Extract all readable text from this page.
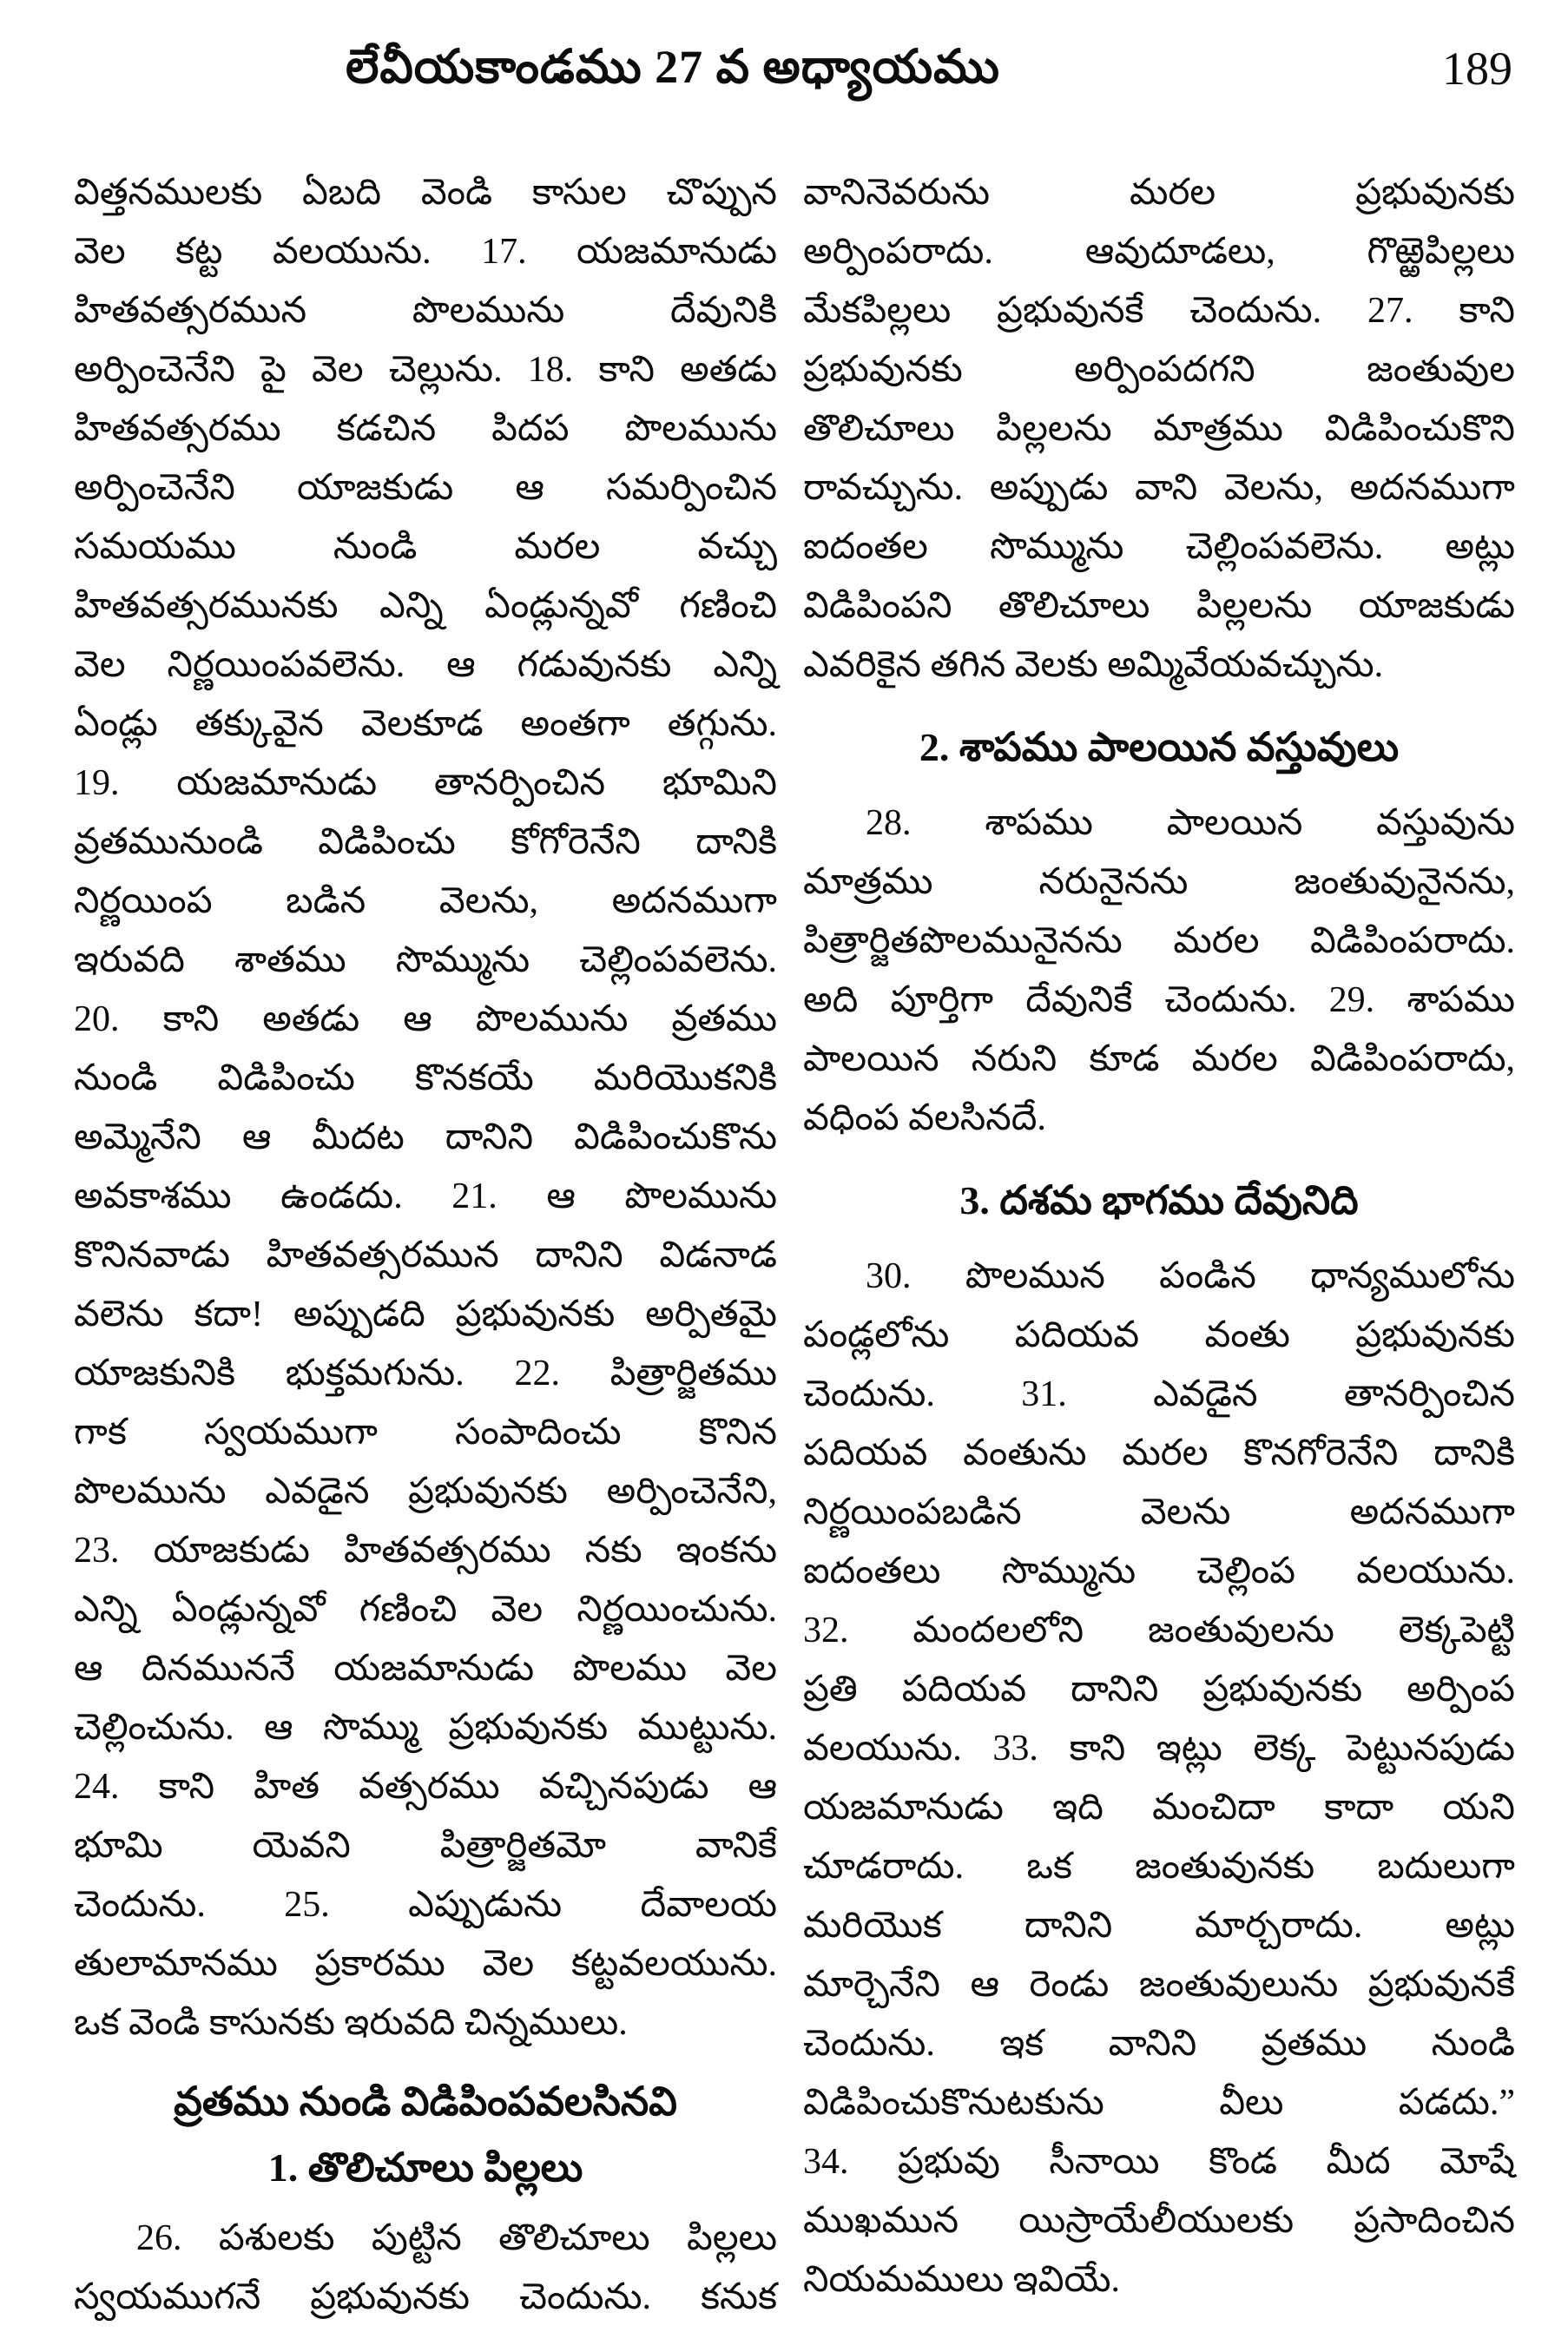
లేవీయకాండము 27 వ అధ్యాయము	189
విత్తనములకు ఏబది వెండి కాసుల చొప్పున
వెల కట్ట వలయును. 17. యజమానుడు
హితవత్సరమున పొలమును దేవునికి
అర్పించెనేని పై వెల చెల్లును. 18. కాని అతడు
హితవత్సరము కడచిన పిదప పొలమును
అర్పించెనేని యాజకుడు ఆ సమర్పించిన
సమయము నుండి మరల వచ్చు
హితవత్సరమునకు ఎన్ని ఏండ్లున్నవో గణించి
వెల నిర్ణయింపవలెను. ఆ గడువునకు ఎన్ని
ఏండ్లు తక్కువైన వెలకూడ అంతగా తగ్గును.
19. యజమానుడు తానర్పించిన భూమిని
వ్రతమునుండి విడిపించు కోగోరెనేని దానికి
నిర్ణయింప బడిన వెలను, అదనముగా
ఇరువది శాతము సొమ్మును చెల్లింపవలెను.
20. కాని అతడు ఆ పొలమును వ్రతము
నుండి విడిపించు కొనకయే మరియొకనికి
అమ్మెనేని ఆ మీదట దానిని విడిపించుకొను
అవకాశము ఉండదు. 21. ఆ పొలమును
కొనినవాడు హితవత్సరమున దానిని విడనాడ
వలెను కదా! అప్పుడది ప్రభువునకు అర్పితమై
యాజకునికి భుక్తమగును. 22. పిత్రార్జితము
గాక స్వయముగా సంపాదించు కొనిన
పొలమును ఎవడైన ప్రభువునకు అర్పించెనేని,
23. యాజకుడు హితవత్సరము నకు ఇంకను
ఎన్ని ఏండ్లున్నవో గణించి వెల నిర్ణయించును.
ఆ దినముననే యజమానుడు పొలము వెల
చెల్లించును. ఆ సొమ్ము ప్రభువునకు ముట్టును.
24. కాని హిత వత్సరము వచ్చినపుడు ఆ
భూమి యెవని పిత్రార్జితమో వానికే
చెందును. 25. ఎప్పుడును దేవాలయ
తులామానము ప్రకారము వెల కట్టవలయును.
ఒక వెండి కాసునకు ఇరువది చిన్నములు.
వ్రతము నుండి విడిపింపవలసినవి
1. తొలిచూలు పిల్లలు
26. పశులకు పుట్టిన తొలిచూలు పిల్లలు
స్వయముగనే ప్రభువునకు చెందును. కనుక
వానినెవరును మరల ప్రభువునకు
అర్పింపరాదు. ఆవుదూడలు, గొఱ్ఱెపిల్లలు
మేకపిల్లలు ప్రభువునకే చెందును. 27. కాని
ప్రభువునకు అర్పింపదగని జంతువుల
తొలిచూలు పిల్లలను మాత్రము విడిపించుకొని
రావచ్చును. అప్పుడు వాని వెలను, అదనముగా
ఐదంతల సొమ్మును చెల్లింపవలెను. అట్లు
విడిపింపని తొలిచూలు పిల్లలను యాజకుడు
ఎవరికైన తగిన వెలకు అమ్మివేయవచ్చును.
2. శాపము పాలయిన వస్తువులు
28. శాపము పాలయిన వస్తువును
మాత్రము నరునైనను జంతువునైనను,
పిత్రార్జితపొలమునైనను మరల విడిపింపరాదు.
అది పూర్తిగా దేవునికే చెందును. 29. శాపము
పాలయిన నరుని కూడ మరల విడిపింపరాదు,
వధింప వలసినదే.
3. దశమ భాగము దేవునిది
30. పొలమున పండిన ధాన్యములోను
పండ్లలోను పదియవ వంతు ప్రభువునకు
చెందును. 31. ఎవడైన తానర్పించిన
పదియవ వంతును మరల కొనగోరెనేని దానికి
నిర్ణయింపబడిన వెలను అదనముగా
ఐదంతలు సొమ్మును చెల్లింప వలయును.
32. మందలలోని జంతువులను లెక్కపెట్టి
ప్రతి పదియవ దానిని ప్రభువునకు అర్పింప
వలయును. 33. కాని ఇట్లు లెక్క పెట్టునపుడు
యజమానుడు ఇది మంచిదా కాదా యని
చూడరాదు. ఒక జంతువునకు బదులుగా
మరియొక దానిని మార్చరాదు. అట్లు
మార్చెనేని ఆ రెండు జంతువులును ప్రభువునకే
చెందును. ఇక వానిని వ్రతము నుండి
విడిపించుకొనుటకును వీలు పడదు.”
34. ప్రభువు సీనాయి కొండ మీద మోషే
ముఖమున యిస్రాయేలీయులకు ప్రసాదించిన
నియమములు ఇవియే.
